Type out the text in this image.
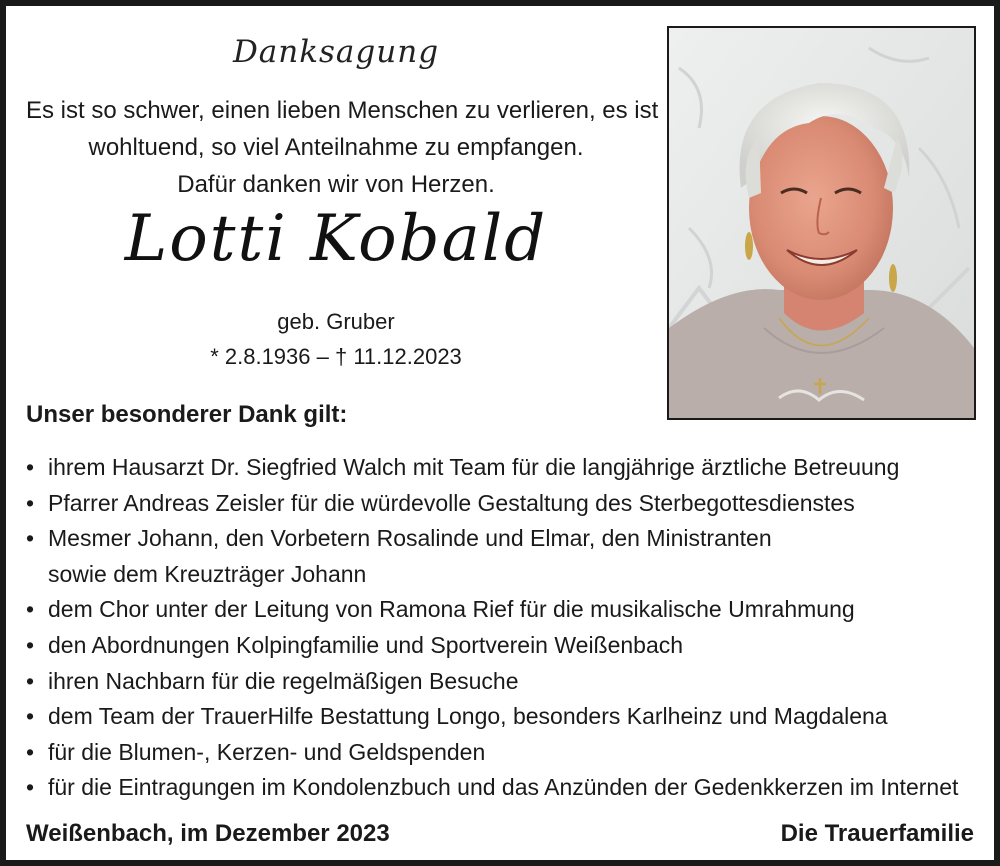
Danksagung
Es ist so schwer, einen lieben Menschen zu verlieren, es ist
wohltuend, so viel Anteilnahme zu empfangen.
Dafür danken wir von Herzen.
Lotti Kobald
geb. Gruber
* 2.8.1936 – † 11.12.2023
Unser besonderer Dank gilt:
• ihrem Hausarzt Dr. Siegfried Walch mit Team für die langjährige ärztliche Betreuung
• Pfarrer Andreas Zeisler für die würdevolle Gestaltung des Sterbegottesdienstes
• Mesmer Johann, den Vorbetern Rosalinde und Elmar, den Ministranten
sowie dem Kreuzträger Johann
• dem Chor unter der Leitung von Ramona Rief für die musikalische Umrahmung
• den Abordnungen Kolpingfamilie und Sportverein Weißenbach
• ihren Nachbarn für die regelmäßigen Besuche
• dem Team der TrauerHilfe Bestattung Longo, besonders Karlheinz und Magdalena
• für die Blumen-, Kerzen- und Geldspenden
• für die Eintragungen im Kondolenzbuch und das Anzünden der Gedenkkerzen im Internet
Weißenbach, im Dezember 2023	Die Trauerfamilie
